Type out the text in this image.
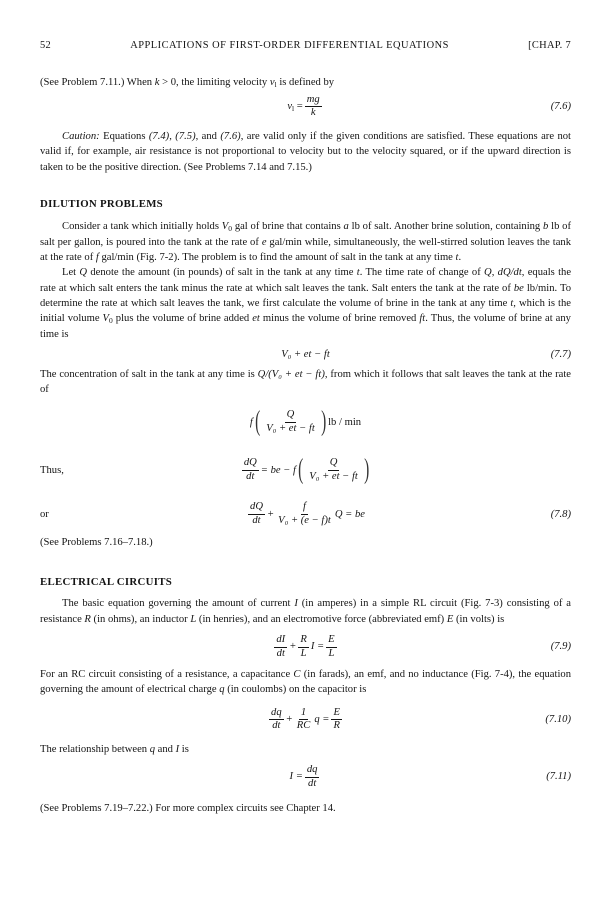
52	APPLICATIONS OF FIRST-ORDER DIFFERENTIAL EQUATIONS	[CHAP. 7

(See Problem 7.11.) When k > 0, the limiting velocity $v_l$ is defined by

$v_l = \frac{mg}{k}$	(7.6)

Caution: Equations (7.4), (7.5), and (7.6), are valid only if the given conditions are satisfied. These equations are not valid if, for example, air resistance is not proportional to velocity but to the velocity squared, or if the upward direction is taken to be the positive direction. (See Problems 7.14 and 7.15.)

DILUTION PROBLEMS

Consider a tank which initially holds $V_0$ gal of brine that contains a lb of salt. Another brine solution, containing b lb of salt per gallon, is poured into the tank at the rate of e gal/min while, simultaneously, the well-stirred solution leaves the tank at the rate of f gal/min (Fig. 7-2). The problem is to find the amount of salt in the tank at any time t.

Let Q denote the amount (in pounds) of salt in the tank at any time t. The time rate of change of Q, dQ/dt, equals the rate at which salt enters the tank minus the rate at which salt leaves the tank. Salt enters the tank at the rate of be lb/min. To determine the rate at which salt leaves the tank, we first calculate the volume of brine in the tank at any time t, which is the initial volume $V_0$ plus the volume of brine added et minus the volume of brine removed ft. Thus, the volume of brine at any time is

V₀ + et − ft	(7.7)

The concentration of salt in the tank at any time is Q/(V₀ + et − ft), from which it follows that salt leaves the tank at the rate of

f ( $\frac{Q}{\text{V₀ + et − ft}}$ ) lb / min
Thus,	$\frac{dQ}{dt}$ = be − f ( $\frac{Q}{\text{V₀ + et − ft}}$ )
or	$\frac{dQ}{dt} + \frac{f}{\text{V₀ + (e − f)t}}$ Q = be	(7.8)

(See Problems 7.16–7.18.)

ELECTRICAL CIRCUITS

The basic equation governing the amount of current I (in amperes) in a simple RL circuit (Fig. 7-3) consisting of a resistance R (in ohms), an inductor L (in henries), and an electromotive force (abbreviated emf) E (in volts) is

$\frac{dI}{dt} + \frac{R}{L}$ $I = \frac{E}{L}$	(7.9)

For an RC circuit consisting of a resistance, a capacitance C (in farads), an emf, and no inductance (Fig. 7-4), the equation governing the amount of electrical charge q (in coulombs) on the capacitor is

$\frac{dq}{dt} + \frac{1}{RC}$ $q = \frac{E}{R}$	(7.10)

The relationship between q and I is

$I = \frac{dq}{dt}$	(7.11)

(See Problems 7.19–7.22.) For more complex circuits see Chapter 14.
